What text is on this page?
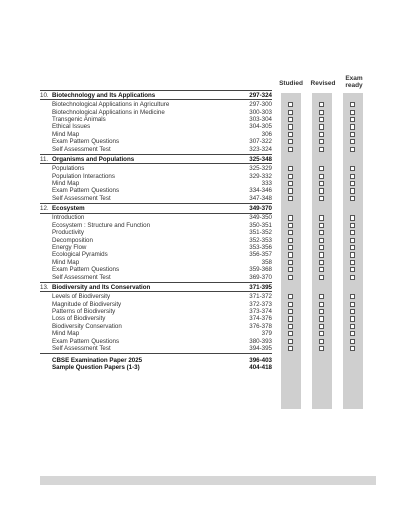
Studied	Revised
Exam ready
10. Biotechnology and Its Applications	297-324
Biotechnological Applications in Agriculture	297-300
Biotechnological Applications in Medicine	300-303
Transgenic Animals	303-304
Ethical Issues	304-305
Mind Map	306
Exam Pattern Questions	307-322
Self Assessment Test	323-324
11. Organisms and Populations	325-348
Populations	325-329
Population Interactions	329-332
Mind Map	333
Exam Pattern Questions	334-346
Self Assessment Test	347-348
12. Ecosystem	349-370
Introduction	349-350
Ecosystem : Structure and Function	350-351
Productivity	351-352
Decomposition	352-353
Energy Flow	353-356
Ecological Pyramids	356-357
Mind Map	358
Exam Pattern Questions	359-368
Self Assessment Test	369-370
13. Biodiversity and Its Conservation	371-395
Levels of Biodiversity	371-372
Magnitude of Biodiversity	372-373
Patterns of Biodiversity	373-374
Loss of Biodiversity	374-376
Biodiversity Conservation	376-378
Mind Map	379
Exam Pattern Questions	380-393
Self Assessment Test	394-395
CBSE Examination Paper 2025	396-403
Sample Question Papers (1-3)	404-418
